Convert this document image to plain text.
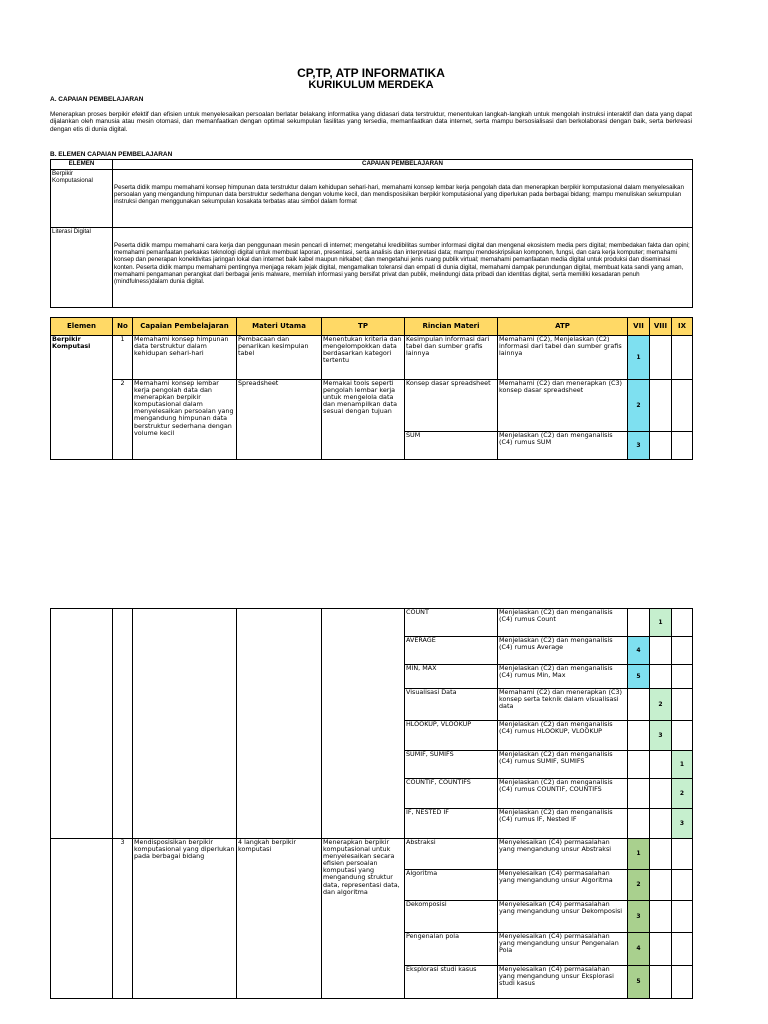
CP,TP, ATP INFORMATIKA
KURIKULUM MERDEKA
A. CAPAIAN PEMBELAJARAN
Menerapkan proses berpikir efektif dan efisien untuk menyelesaikan persoalan berlatar belakang informatika yang didasari data terstruktur, menentukan langkah-langkah untuk mengolah instruksi interaktif dan data yang dapat dijalankan oleh manusia atau mesin otomasi, dan memanfaatkan dengan optimal sekumpulan fasilitas yang tersedia, memanfaatkan data internet, serta mampu bersosialisasi dan berkolaborasi dengan baik, serta berkreasi dengan etis di dunia digital.
B. ELEMEN CAPAIAN PEMBELAJARAN
ELEMEN	CAPAIAN PEMBELAJARAN
Berpikir Komputasional	Peserta didik mampu memahami konsep himpunan data terstruktur dalam kehidupan sehari-hari, memahami konsep lembar kerja pengolah data dan menerapkan berpikir komputasional dalam menyelesaikan persoalan yang mengandung himpunan data berstruktur sederhana dengan volume kecil, dan mendisposisikan berpikir komputasional yang diperlukan pada berbagai bidang; mampu menuliskan sekumpulan instruksi dengan menggunakan sekumpulan kosakata terbatas atau simbol dalam format
Literasi Digital	Peserta didik mampu memahami cara kerja dan penggunaan mesin pencari di internet; mengetahui kredibilitas sumber informasi digital dan mengenal ekosistem media pers digital; membedakan fakta dan opini; memahami pemanfaatan perkakas teknologi digital untuk membuat laporan, presentasi, serta analisis dan interpretasi data; mampu mendeskripsikan komponen, fungsi, dan cara kerja komputer; memahami konsep dan penerapan konektivitas jaringan lokal dan internet baik kabel maupun nirkabel; dan mengetahui jenis ruang publik virtual; memahami pemanfaatan media digital untuk produksi dan diseminasi konten. Peserta didik mampu memahami pentingnya menjaga rekam jejak digital, mengamalkan toleransi dan empati di dunia digital, memahami dampak perundungan digital, membuat kata sandi yang aman, memahami pengamanan perangkat dari berbagai jenis malware, memilah informasi yang bersifat privat dan publik, melindungi data pribadi dan identitas digital, serta memiliki kesadaran penuh (mindfulness)dalam dunia digital.
Elemen	No	Capaian Pembelajaran	Materi Utama	TP	Rincian Materi	ATP	VII	VIII	IX
Berpikir Komputasi	1	Memahami konsep himpunan data terstruktur dalam kehidupan sehari-hari	Pembacaan dan penarikan kesimpulan tabel	Menentukan kriteria dan mengelompokkan data berdasarkan kategori tertentu	Kesimpulan informasi dari tabel dan sumber grafis lainnya	Memahami (C2), Menjelaskan (C2) informasi dari tabel dan sumber grafis lainnya	1		
	2	Memahami konsep lembar kerja pengolah data dan menerapkan berpikir komputasional dalam menyelesaikan persoalan yang mengandung himpunan data berstruktur sederhana dengan volume kecil	Spreadsheet	Memakai tools seperti pengolah lembar kerja untuk mengelola data dan menampilkan data sesuai dengan tujuan	Konsep dasar spreadsheet	Memahami (C2) dan menerapkan (C3) konsep dasar spreadsheet	2		
					SUM	Menjelaskan (C2) dan menganalisis (C4) rumus SUM	3		
					COUNT	Menjelaskan (C2) dan menganalisis (C4) rumus Count		1	
					AVERAGE	Menjelaskan (C2) dan menganalisis (C4) rumus Average	4		
					MIN, MAX	Menjelaskan (C2) dan menganalisis (C4) rumus Min, Max	5		
					Visualisasi Data	Memahami (C2) dan menerapkan (C3) konsep serta teknik dalam visualisasi data		2	
					HLOOKUP, VLOOKUP	Menjelaskan (C2) dan menganalisis (C4) rumus HLOOKUP, VLOOKUP		3	
					SUMIF, SUMIFS	Menjelaskan (C2) dan menganalisis (C4) rumus SUMIF, SUMIFS			1
					COUNTIF, COUNTIFS	Menjelaskan (C2) dan menganalisis (C4) rumus COUNTIF, COUNTIFS			2
					IF, NESTED IF	Menjelaskan (C2) dan menganalisis (C4) rumus IF, Nested IF			3
	3	Mendisposisikan berpikir komputasional yang diperlukan pada berbagai bidang	4 langkah berpikir komputasi	Menerapkan berpikir komputasional untuk menyelesaikan secara efisien persoalan komputasi yang mengandung struktur data, representasi data, dan algoritma	Abstraksi	Menyelesaikan (C4) permasalahan yang mengandung unsur Abstraksi	1		
					Algoritma	Menyelesaikan (C4) permasalahan yang mengandung unsur Algoritma	2		
					Dekomposisi	Menyelesaikan (C4) permasalahan yang mengandung unsur Dekomposisi	3		
					Pengenalan pola	Menyelesaikan (C4) permasalahan yang mengandung unsur Pengenalan Pola	4		
					Eksplorasi studi kasus	Menyelesaikan (C4) permasalahan yang mengandung unsur Eksplorasi studi kasus	5		
